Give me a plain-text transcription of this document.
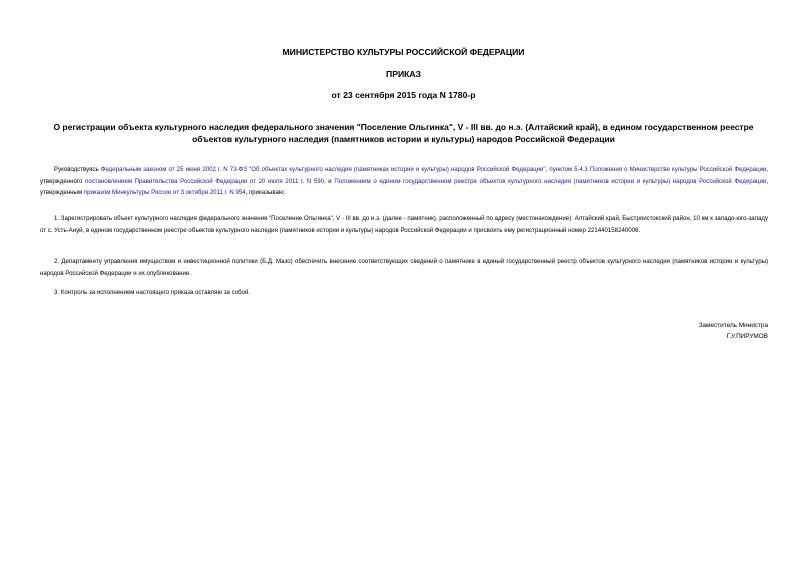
МИНИСТЕРСТВО КУЛЬТУРЫ РОССИЙСКОЙ ФЕДЕРАЦИИ
ПРИКАЗ
от 23 сентября 2015 года N 1780-р
О регистрации объекта культурного наследия федерального значения "Поселение Ольгинка", V - III вв. до н.э. (Алтайский край), в едином государственном реестре
объектов культурного наследия (памятников истории и культуры) народов Российской Федерации
Руководствуясь Федеральным законом от 25 июня 2002 г. N 73-ФЗ "Об объектах культурного наследия (памятниках истории и культуры) народов Российской Федерации", пунктом 5.4.3 Положения о Министерстве культуры Российской Федерации, утвержденного постановлением Правительства Российской Федерации от 20 июля 2011 г. N 590, и Положением о едином государственном реестре объектов культурного наследия (памятников истории и культуры) народов Российской Федерации, утвержденным приказом Минкультуры России от 3 октября 2011 г. N 954, приказываю:
1. Зарегистрировать объект культурного наследия федерального значения "Поселение Ольгинка", V - III вв. до н.э. (далее - памятник), расположенный по адресу (местонахождение): Алтайский край, Быстроистокский район, 10 км к западо-юго-западу от с. Усть-Ануй, в едином государственном реестре объектов культурного наследия (памятников истории и культуры) народов Российской Федерации и присвоить ему регистрационный номер 221440158240006.
2. Департаменту управления имуществом и инвестиционной политики (Б.Д. Мазо) обеспечить внесение соответствующих сведений о памятнике в единый государственный реестр объектов культурного наследия (памятников истории и культуры) народов Российской Федерации и их опубликование.
3. Контроль за исполнением настоящего приказа оставляю за собой.
Заместитель Министра
Г.У.ПИРУМОВ
